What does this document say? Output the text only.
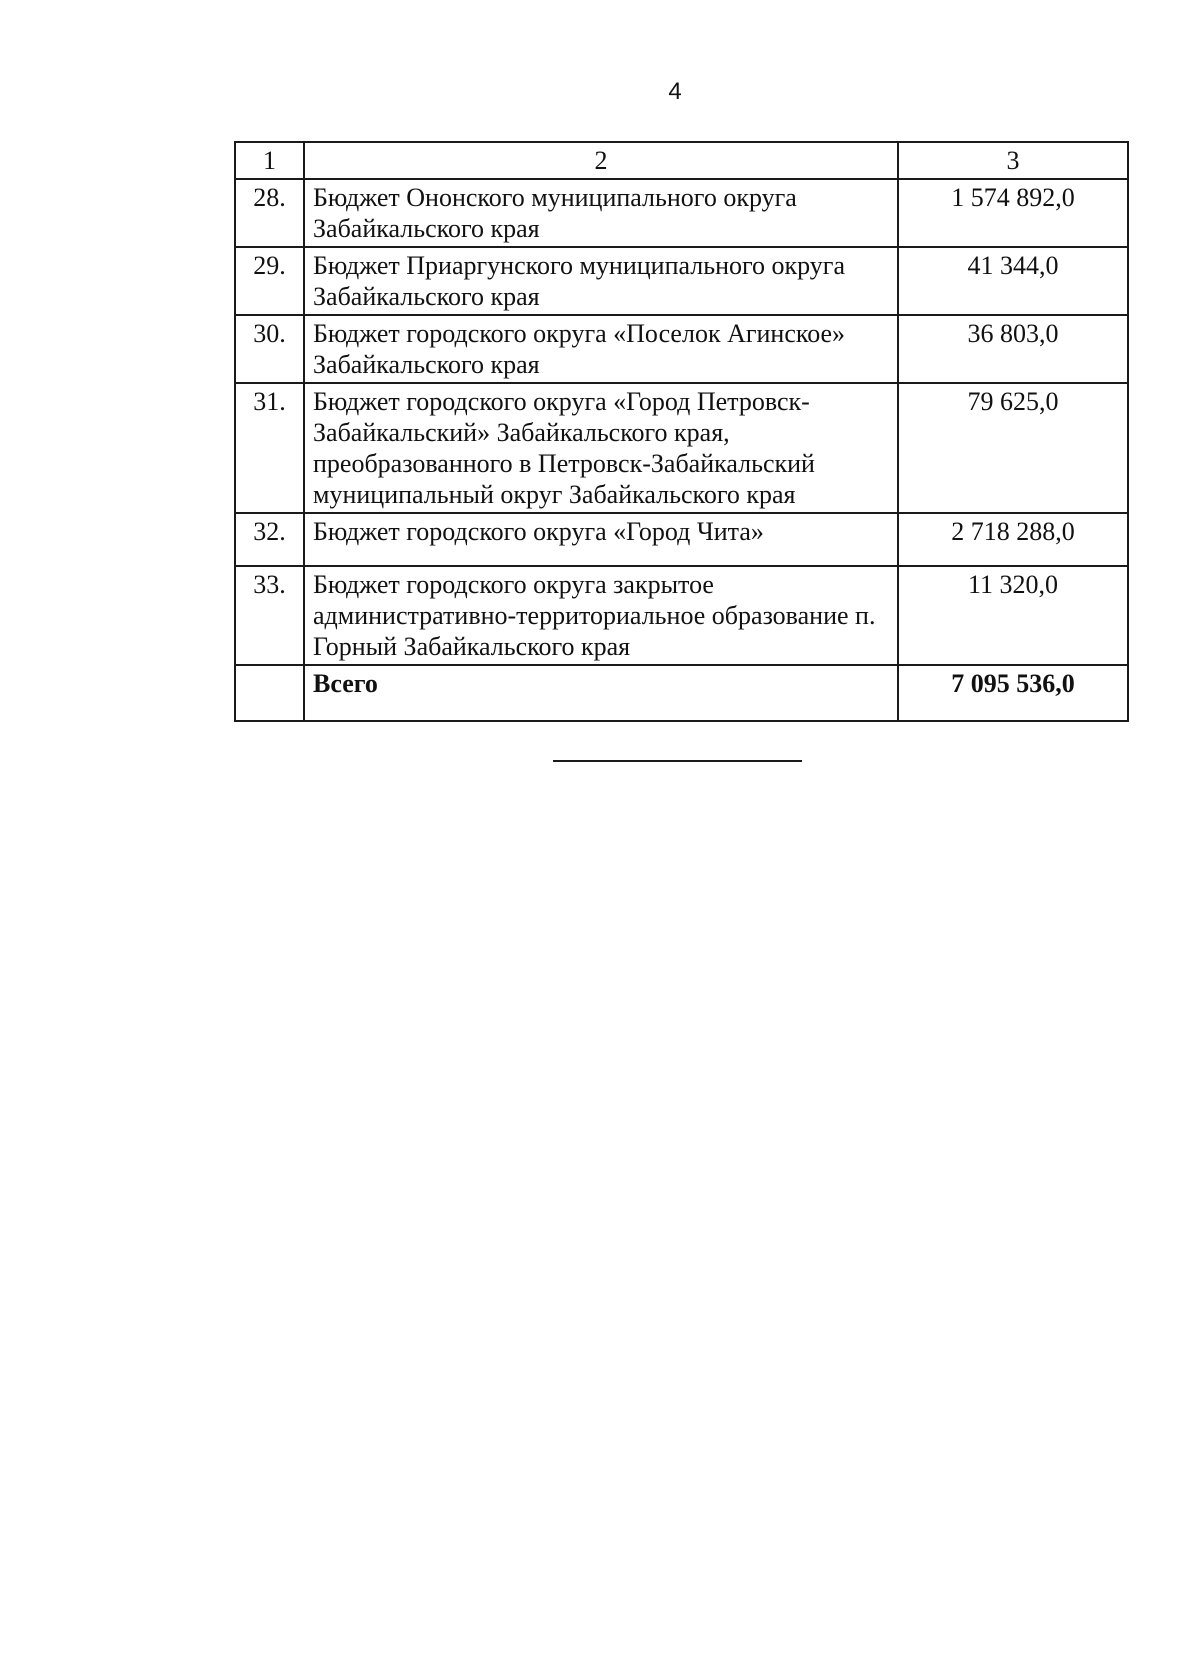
4
1	2	3
28.	Бюджет Ононского муниципального округа Забайкальского края	1 574 892,0
29.	Бюджет Приаргунского муниципального округа Забайкальского края	41 344,0
30.	Бюджет городского округа «Поселок Агинское» Забайкальского края	36 803,0
31.	Бюджет городского округа «Город Петровск-Забайкальский» Забайкальского края, преобразованного в Петровск-Забайкальский муниципальный округ Забайкальского края	79 625,0
32.	Бюджет городского округа «Город Чита»	2 718 288,0
33.	Бюджет городского округа закрытое административно-территориальное образование п. Горный Забайкальского края	11 320,0
	Всего	7 095 536,0
